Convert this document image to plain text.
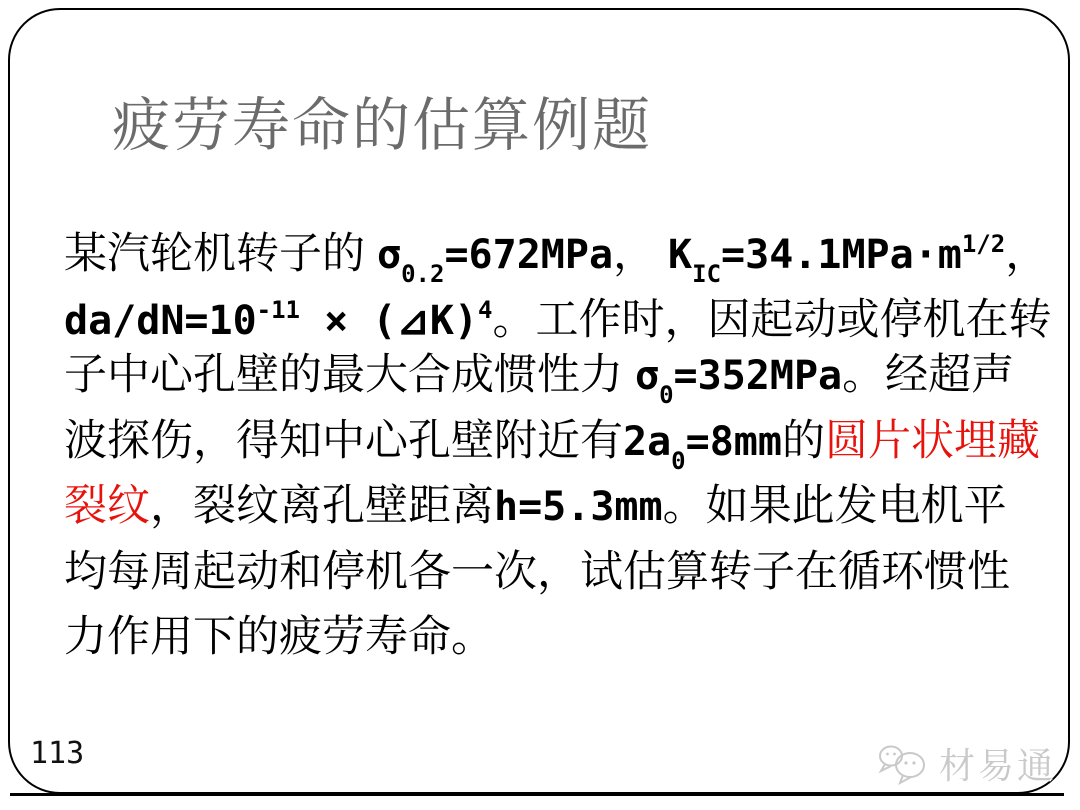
疲劳寿命的估算例题
某汽轮机转子的 $\sigma_{0.2}=672MPa$， $K_{IC}=34.1MPa\cdot m^{1/2}$，
$da/dN=10^{-11}$ × (⊿K)$^4$。工作时，因起动或停机在转
子中心孔壁的最大合成惯性力 $\sigma_0=352MPa$。经超声
波探伤，得知中心孔壁附近有$2a_0=8mm$的圆片状埋藏
裂纹，裂纹离孔壁距离h=5.3mm。如果此发电机平
均每周起动和停机各一次，试估算转子在循环惯性
力作用下的疲劳寿命。
113	材易通
